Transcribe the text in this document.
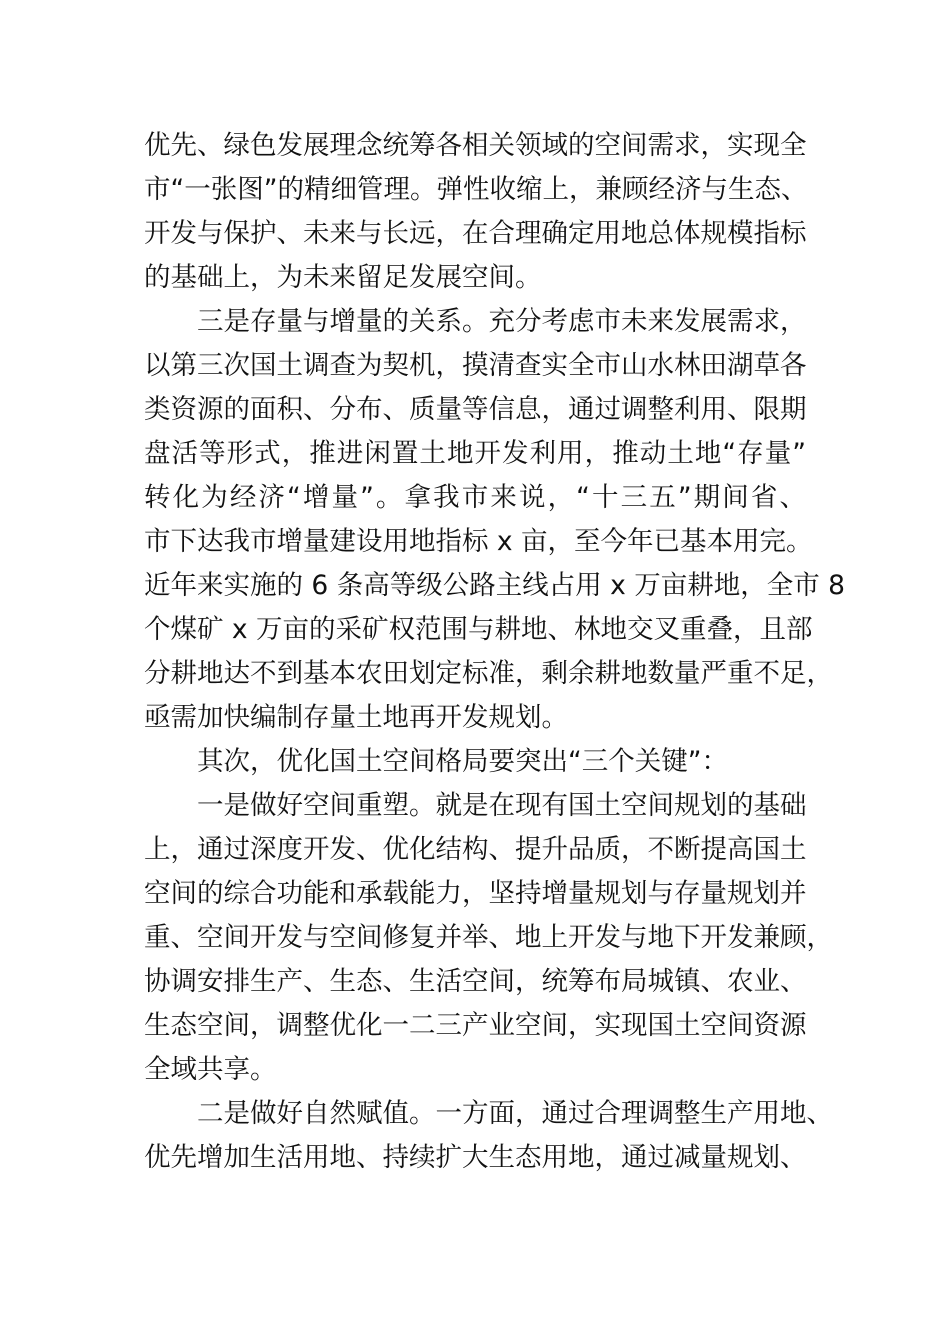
优先、绿色发展理念统筹各相关领域的空间需求，实现全
市“一张图”的精细管理。弹性收缩上，兼顾经济与生态、
开发与保护、未来与长远，在合理确定用地总体规模指标
的基础上，为未来留足发展空间。
三是存量与增量的关系。充分考虑市未来发展需求，
以第三次国土调查为契机，摸清查实全市山水林田湖草各
类资源的面积、分布、质量等信息，通过调整利用、限期
盘活等形式，推进闲置土地开发利用，推动土地“存量”
转化为经济“增量”。拿我市来说，“十三五”期间省、
市下达我市增量建设用地指标 x 亩，至今年已基本用完。
近年来实施的 6 条高等级公路主线占用 x 万亩耕地，全市 8
个煤矿 x 万亩的采矿权范围与耕地、林地交叉重叠，且部
分耕地达不到基本农田划定标准，剩余耕地数量严重不足，
亟需加快编制存量土地再开发规划。
其次，优化国土空间格局要突出“三个关键”：
一是做好空间重塑。就是在现有国土空间规划的基础
上，通过深度开发、优化结构、提升品质，不断提高国土
空间的综合功能和承载能力，坚持增量规划与存量规划并
重、空间开发与空间修复并举、地上开发与地下开发兼顾，
协调安排生产、生态、生活空间，统筹布局城镇、农业、
生态空间，调整优化一二三产业空间，实现国土空间资源
全域共享。
二是做好自然赋值。一方面，通过合理调整生产用地、
优先增加生活用地、持续扩大生态用地，通过减量规划、
